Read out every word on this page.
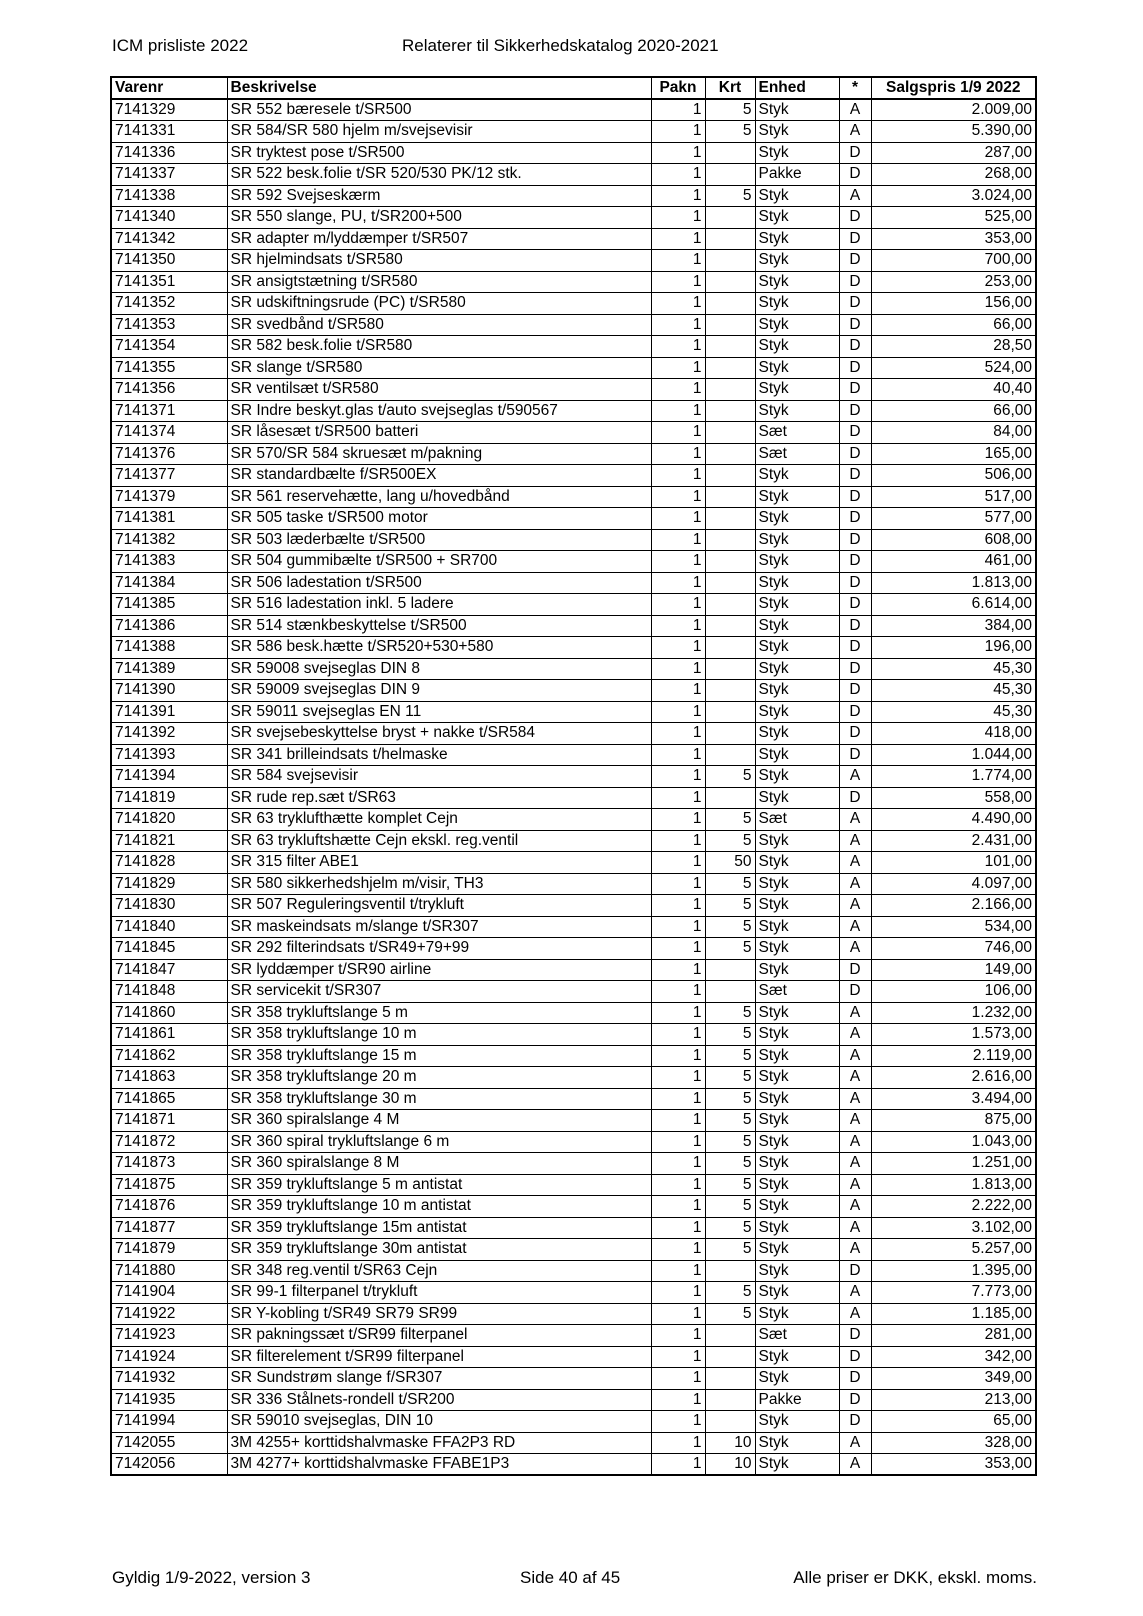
ICM prisliste 2022	Relaterer til Sikkerhedskatalog 2020-2021
Varenr	Beskrivelse	Pakn	Krt	Enhed	*	Salgspris 1/9 2022
7141329	SR 552 bæresele t/SR500	1	5	Styk	A	2.009,00
7141331	SR 584/SR 580 hjelm m/svejsevisir	1	5	Styk	A	5.390,00
7141336	SR tryktest pose t/SR500	1		Styk	D	287,00
7141337	SR 522 besk.folie t/SR 520/530 PK/12 stk.	1		Pakke	D	268,00
7141338	SR 592 Svejseskærm	1	5	Styk	A	3.024,00
7141340	SR 550 slange, PU, t/SR200+500	1		Styk	D	525,00
7141342	SR adapter m/lyddæmper t/SR507	1		Styk	D	353,00
7141350	SR hjelmindsats t/SR580	1		Styk	D	700,00
7141351	SR ansigtstætning t/SR580	1		Styk	D	253,00
7141352	SR udskiftningsrude (PC) t/SR580	1		Styk	D	156,00
7141353	SR svedbånd t/SR580	1		Styk	D	66,00
7141354	SR 582 besk.folie t/SR580	1		Styk	D	28,50
7141355	SR slange t/SR580	1		Styk	D	524,00
7141356	SR ventilsæt t/SR580	1		Styk	D	40,40
7141371	SR Indre beskyt.glas t/auto svejseglas t/590567	1		Styk	D	66,00
7141374	SR låsesæt t/SR500 batteri	1		Sæt	D	84,00
7141376	SR 570/SR 584 skruesæt m/pakning	1		Sæt	D	165,00
7141377	SR standardbælte f/SR500EX	1		Styk	D	506,00
7141379	SR 561 reservehætte, lang u/hovedbånd	1		Styk	D	517,00
7141381	SR 505 taske t/SR500 motor	1		Styk	D	577,00
7141382	SR 503 læderbælte t/SR500	1		Styk	D	608,00
7141383	SR 504 gummibælte t/SR500 + SR700	1		Styk	D	461,00
7141384	SR 506 ladestation t/SR500	1		Styk	D	1.813,00
7141385	SR 516 ladestation inkl. 5 ladere	1		Styk	D	6.614,00
7141386	SR 514 stænkbeskyttelse t/SR500	1		Styk	D	384,00
7141388	SR 586 besk.hætte t/SR520+530+580	1		Styk	D	196,00
7141389	SR 59008 svejseglas DIN 8	1		Styk	D	45,30
7141390	SR 59009 svejseglas DIN 9	1		Styk	D	45,30
7141391	SR 59011 svejseglas EN 11	1		Styk	D	45,30
7141392	SR svejsebeskyttelse bryst + nakke t/SR584	1		Styk	D	418,00
7141393	SR 341 brilleindsats t/helmaske	1		Styk	D	1.044,00
7141394	SR 584 svejsevisir	1	5	Styk	A	1.774,00
7141819	SR rude rep.sæt t/SR63	1		Styk	D	558,00
7141820	SR 63 tryklufthætte komplet Cejn	1	5	Sæt	A	4.490,00
7141821	SR 63 trykluftshætte Cejn ekskl. reg.ventil	1	5	Styk	A	2.431,00
7141828	SR 315 filter ABE1	1	50	Styk	A	101,00
7141829	SR 580 sikkerhedshjelm m/visir, TH3	1	5	Styk	A	4.097,00
7141830	SR 507 Reguleringsventil t/trykluft	1	5	Styk	A	2.166,00
7141840	SR maskeindsats m/slange t/SR307	1	5	Styk	A	534,00
7141845	SR 292 filterindsats t/SR49+79+99	1	5	Styk	A	746,00
7141847	SR lyddæmper t/SR90 airline	1		Styk	D	149,00
7141848	SR servicekit t/SR307	1		Sæt	D	106,00
7141860	SR 358 trykluftslange 5 m	1	5	Styk	A	1.232,00
7141861	SR 358 trykluftslange 10 m	1	5	Styk	A	1.573,00
7141862	SR 358 trykluftslange 15 m	1	5	Styk	A	2.119,00
7141863	SR 358 trykluftslange 20 m	1	5	Styk	A	2.616,00
7141865	SR 358 trykluftslange 30 m	1	5	Styk	A	3.494,00
7141871	SR 360 spiralslange 4 M	1	5	Styk	A	875,00
7141872	SR 360 spiral trykluftslange 6 m	1	5	Styk	A	1.043,00
7141873	SR 360 spiralslange 8 M	1	5	Styk	A	1.251,00
7141875	SR 359 trykluftslange 5 m antistat	1	5	Styk	A	1.813,00
7141876	SR 359 trykluftslange 10 m antistat	1	5	Styk	A	2.222,00
7141877	SR 359 trykluftslange 15m antistat	1	5	Styk	A	3.102,00
7141879	SR 359 trykluftslange 30m antistat	1	5	Styk	A	5.257,00
7141880	SR 348 reg.ventil t/SR63 Cejn	1		Styk	D	1.395,00
7141904	SR 99-1 filterpanel t/trykluft	1	5	Styk	A	7.773,00
7141922	SR Y-kobling t/SR49 SR79 SR99	1	5	Styk	A	1.185,00
7141923	SR pakningssæt t/SR99 filterpanel	1		Sæt	D	281,00
7141924	SR filterelement t/SR99 filterpanel	1		Styk	D	342,00
7141932	SR Sundstrøm slange f/SR307	1		Styk	D	349,00
7141935	SR 336 Stålnets-rondell t/SR200	1		Pakke	D	213,00
7141994	SR 59010 svejseglas, DIN 10	1		Styk	D	65,00
7142055	3M 4255+ korttidshalvmaske FFA2P3 RD	1	10	Styk	A	328,00
7142056	3M 4277+ korttidshalvmaske FFABE1P3	1	10	Styk	A	353,00
Gyldig 1/9-2022, version 3	Side 40 af 45	Alle priser er DKK, ekskl. moms.
